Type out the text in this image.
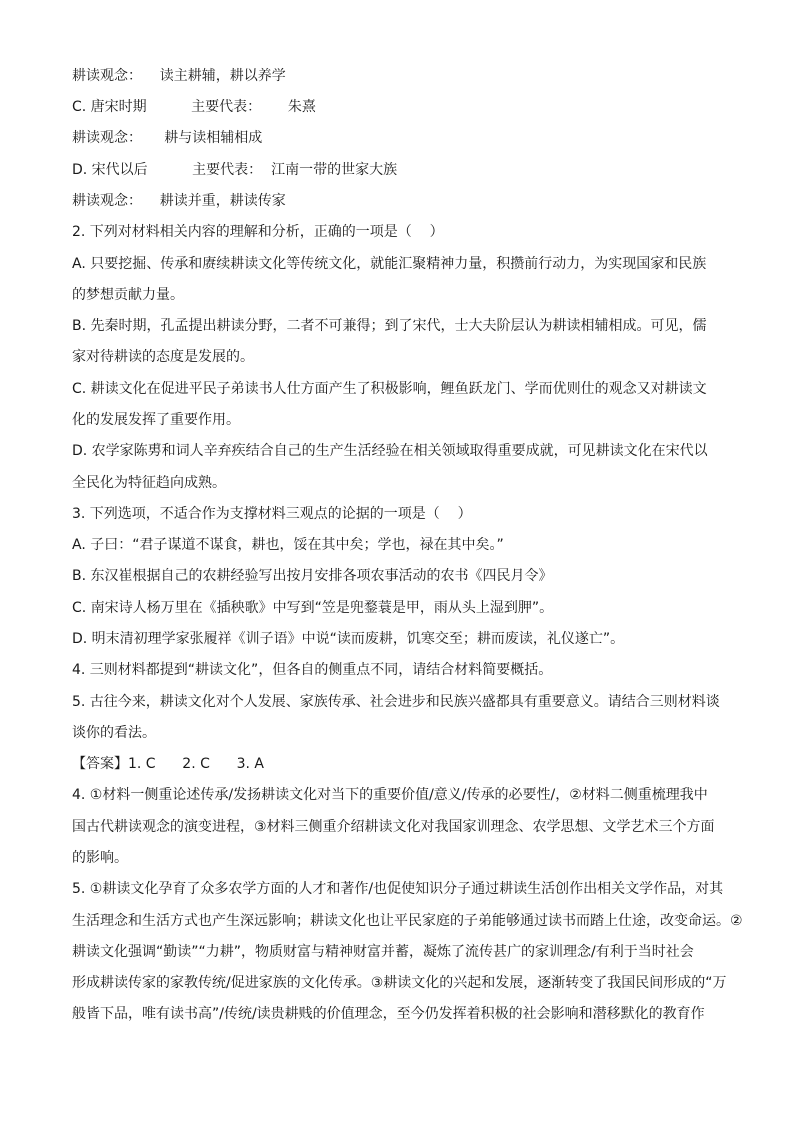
耕读观念：    读主耕辅，耕以养学
C. 唐宋时期          主要代表：      朱熹
耕读观念：     耕与读相辅相成
D. 宋代以后          主要代表：  江南一带的世家大族
耕读观念：    耕读并重，耕读传家
2. 下列对材料相关内容的理解和分析，正确的一项是（    ）
A. 只要挖掘、传承和赓续耕读文化等传统文化，就能汇聚精神力量，积攒前行动力，为实现国家和民族
的梦想贡献力量。
B. 先秦时期，孔孟提出耕读分野，二者不可兼得；到了宋代，士大夫阶层认为耕读相辅相成。可见，儒
家对待耕读的态度是发展的。
C. 耕读文化在促进平民子弟读书人仕方面产生了积极影响，鲤鱼跃龙门、学而优则仕的观念又对耕读文
化的发展发挥了重要作用。
D. 农学家陈旉和词人辛弃疾结合自己的生产生活经验在相关领域取得重要成就，可见耕读文化在宋代以
全民化为特征趋向成熟。
3. 下列选项，不适合作为支撑材料三观点的论据的一项是（    ）
A. 子曰：“君子谋道不谋食，耕也，馁在其中矣；学也，禄在其中矣。”
B. 东汉崔根据自己的农耕经验写出按月安排各项农事活动的农书《四民月令》
C. 南宋诗人杨万里在《插秧歌》中写到“笠是兜鍪蓑是甲，雨从头上湿到胛”。
D. 明末清初理学家张履祥《训子语》中说“读而废耕，饥寒交至；耕而废读，礼仪遂亡”。
4. 三则材料都提到“耕读文化”，但各自的侧重点不同，请结合材料简要概括。
5. 古往今来，耕读文化对个人发展、家族传承、社会进步和民族兴盛都具有重要意义。请结合三则材料谈
谈你的看法。
【答案】1. C      2. C      3. A
4. ①材料一侧重论述传承/发扬耕读文化对当下的重要价值/意义/传承的必要性/，②材料二侧重梳理我中
国古代耕读观念的演变进程，③材料三侧重介绍耕读文化对我国家训理念、农学思想、文学艺术三个方面
的影响。
5. ①耕读文化孕育了众多农学方面的人才和著作/也促使知识分子通过耕读生活创作出相关文学作品，对其
生活理念和生活方式也产生深远影响；耕读文化也让平民家庭的子弟能够通过读书而踏上仕途，改变命运。②
耕读文化强调“勤读”“力耕”，物质财富与精神财富并蓄，凝炼了流传甚广的家训理念/有利于当时社会
形成耕读传家的家教传统/促进家族的文化传承。③耕读文化的兴起和发展，逐渐转变了我国民间形成的“万
般皆下品，唯有读书高”/传统/读贵耕贱的价值理念，至今仍发挥着积极的社会影响和潜移默化的教育作
